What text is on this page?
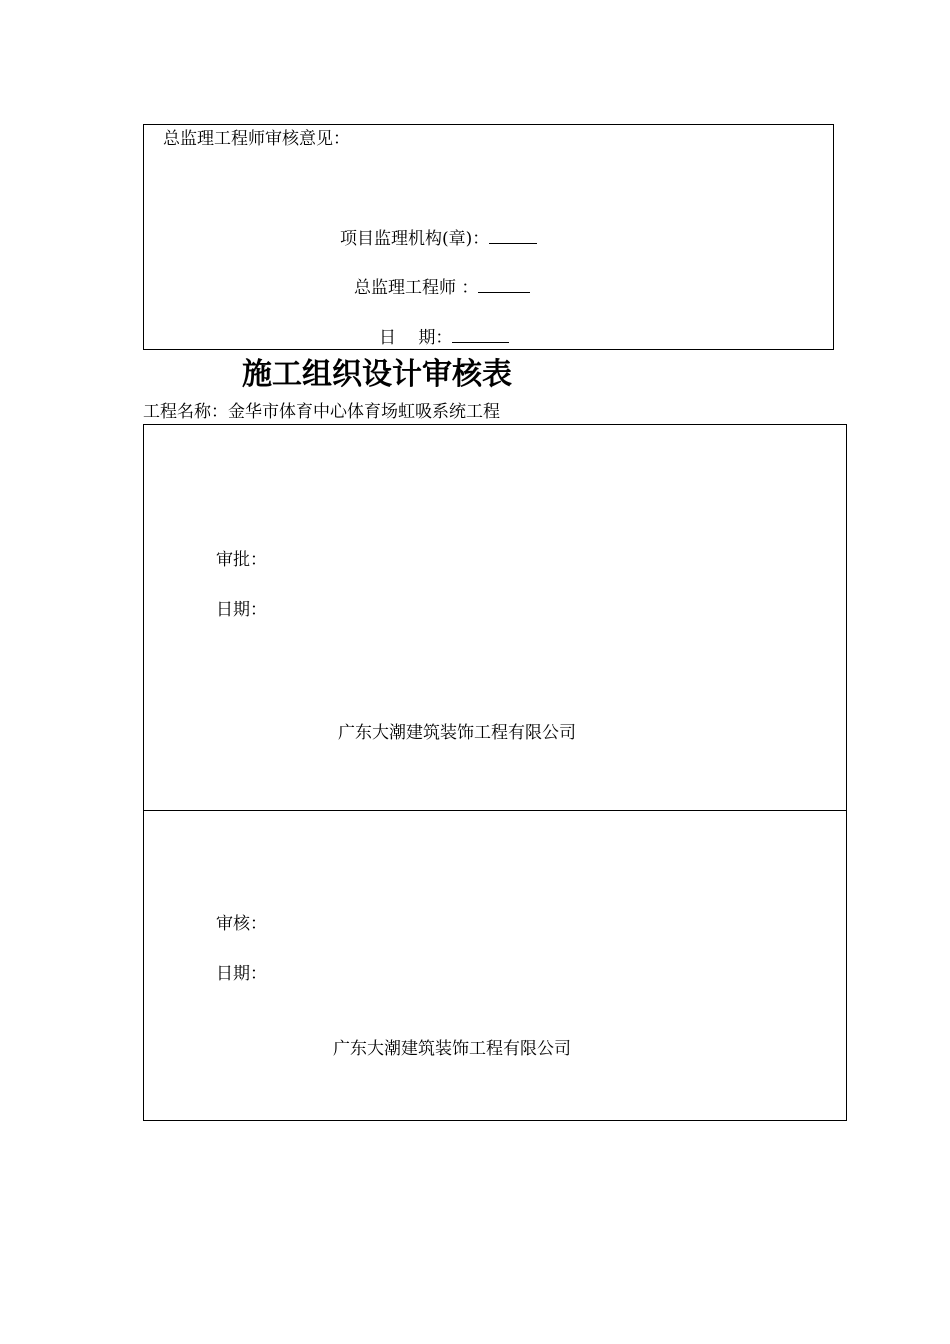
总监理工程师审核意见：
项目监理机构(章)：
总监理工程师 ：
日　 期：
施工组织设计审核表
工程名称：金华市体育中心体育场虹吸系统工程
审批：
日期：
广东大潮建筑装饰工程有限公司
审核：
日期：
广东大潮建筑装饰工程有限公司
